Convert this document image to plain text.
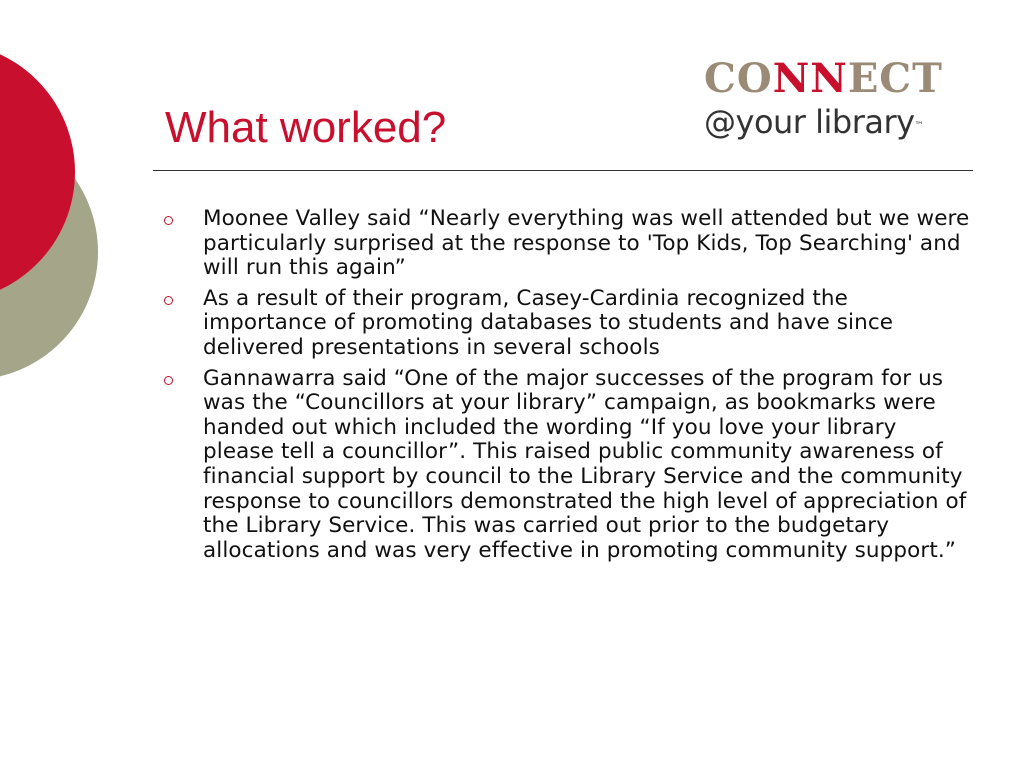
What worked?
CONNECT
@your library™
Moonee Valley said “Nearly everything was well attended but we were particularly surprised at the response to 'Top Kids, Top Searching' and will run this again”
As a result of their program, Casey-Cardinia recognized the importance of promoting databases to students and have since delivered presentations in several schools
Gannawarra said “One of the major successes of the program for us was the “Councillors at your library” campaign, as bookmarks were handed out which included the wording “If you love your library please tell a councillor”. This raised public community awareness of financial support by council to the Library Service and the community response to councillors demonstrated the high level of appreciation of the Library Service. This was carried out prior to the budgetary allocations and was very effective in promoting community support.”
